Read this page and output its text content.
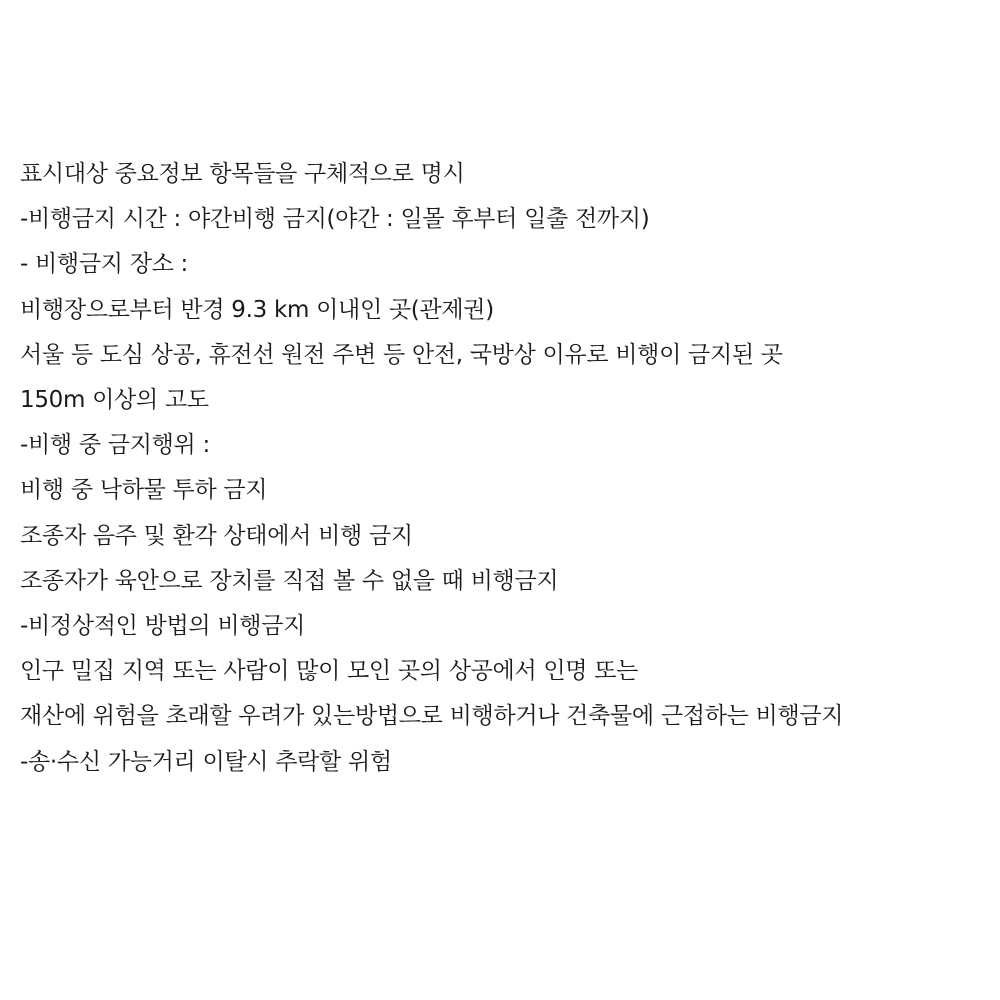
표시대상 중요정보 항목들을 구체적으로 명시
-비행금지 시간 : 야간비행 금지(야간 : 일몰 후부터 일출 전까지)
- 비행금지 장소 :
비행장으로부터 반경 9.3 km 이내인 곳(관제권)
서울 등 도심 상공, 휴전선 원전 주변 등 안전, 국방상 이유로 비행이 금지된 곳
150m 이상의 고도
-비행 중 금지행위 :
비행 중 낙하물 투하 금지
조종자 음주 및 환각 상태에서 비행 금지
조종자가 육안으로 장치를 직접 볼 수 없을 때 비행금지
-비정상적인 방법의 비행금지
인구 밀집 지역 또는 사람이 많이 모인 곳의 상공에서 인명 또는
재산에 위험을 초래할 우려가 있는방법으로 비행하거나 건축물에 근접하는 비행금지
-송·수신 가능거리 이탈시 추락할 위험
